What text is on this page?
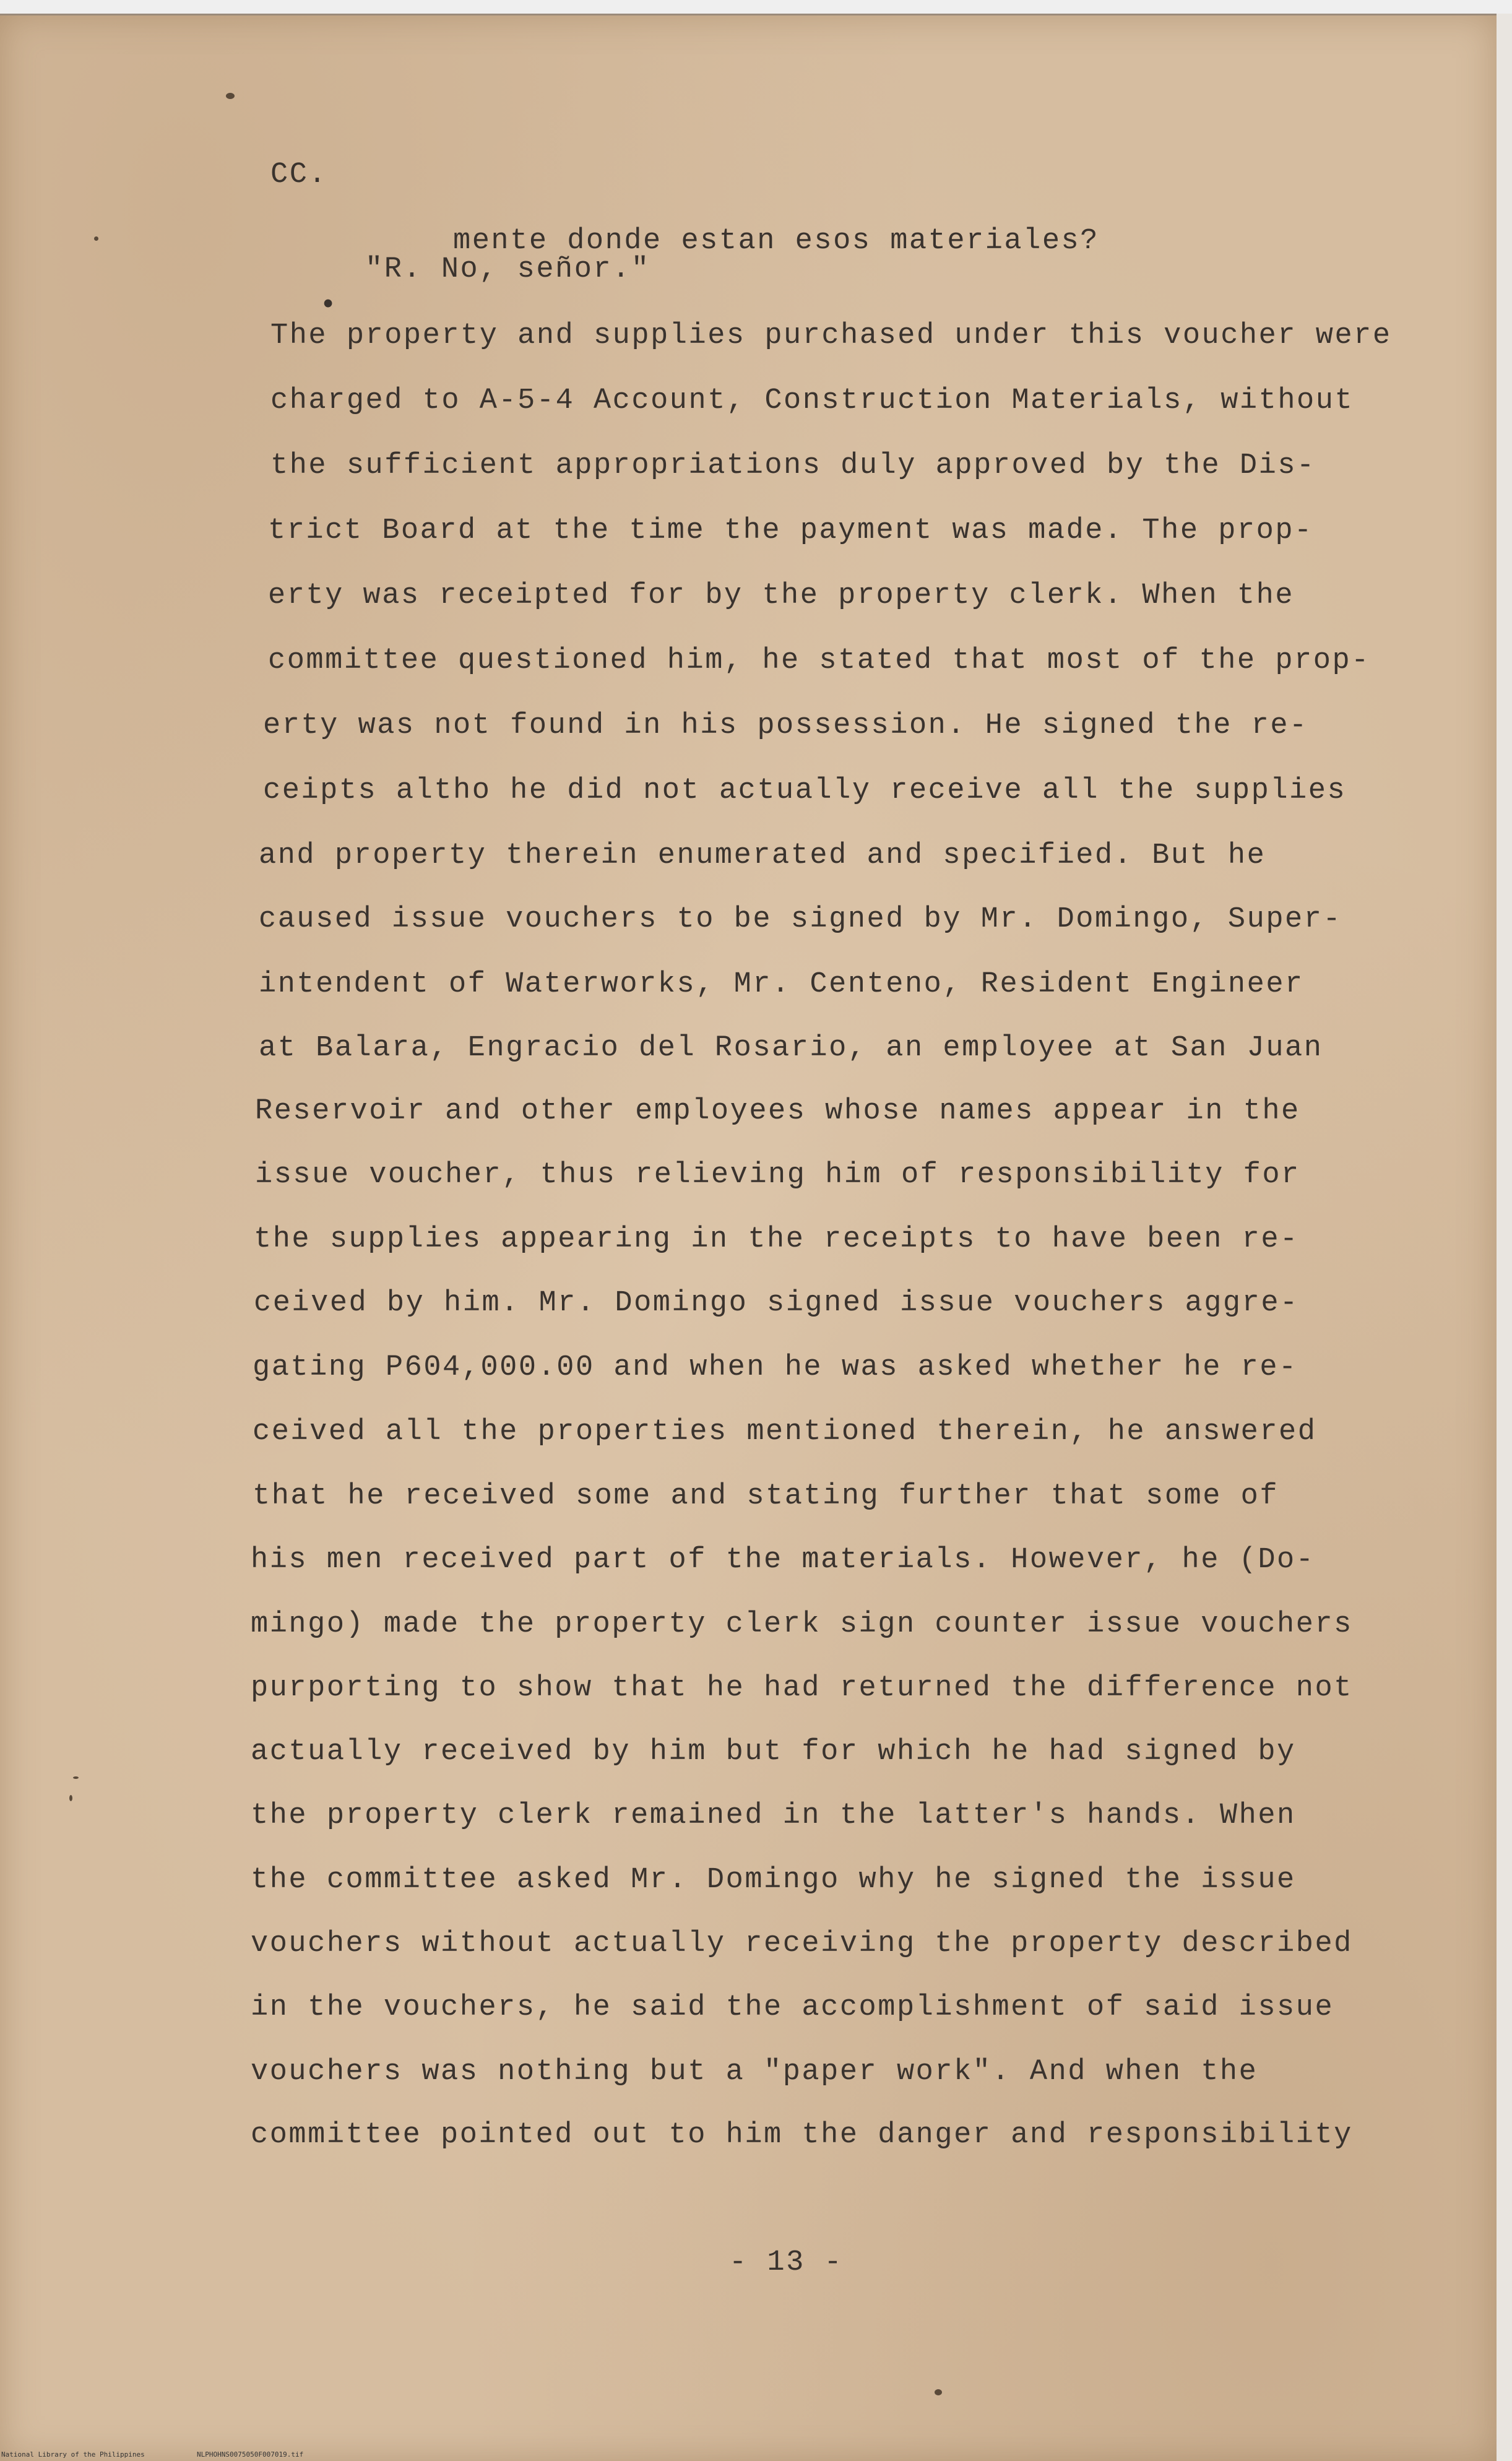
CC.
mente donde estan esos materiales?
"R. No, señor."
•
The property and supplies purchased under this voucher were
charged to A-5-4 Account, Construction Materials, without
the sufficient appropriations duly approved by the Dis-
trict Board at the time the payment was made. The prop-
erty was receipted for by the property clerk. When the
committee questioned him, he stated that most of the prop-
erty was not found in his possession. He signed the re-
ceipts altho he did not actually receive all the supplies
and property therein enumerated and specified. But he
caused issue vouchers to be signed by Mr. Domingo, Super-
intendent of Waterworks, Mr. Centeno, Resident Engineer
at Balara, Engracio del Rosario, an employee at San Juan
Reservoir and other employees whose names appear in the
issue voucher, thus relieving him of responsibility for
the supplies appearing in the receipts to have been re-
ceived by him. Mr. Domingo signed issue vouchers aggre-
gating P604,000.00 and when he was asked whether he re-
ceived all the properties mentioned therein, he answered
that he received some and stating further that some of
his men received part of the materials. However, he (Do-
mingo) made the property clerk sign counter issue vouchers
purporting to show that he had returned the difference not
actually received by him but for which he had signed by
the property clerk remained in the latter's hands. When
the committee asked Mr. Domingo why he signed the issue
vouchers without actually receiving the property described
in the vouchers, he said the accomplishment of said issue
vouchers was nothing but a "paper work". And when the
committee pointed out to him the danger and responsibility
- 13 -
National Library of the Philippines	NLPHOHNS0075050F007019.tif
